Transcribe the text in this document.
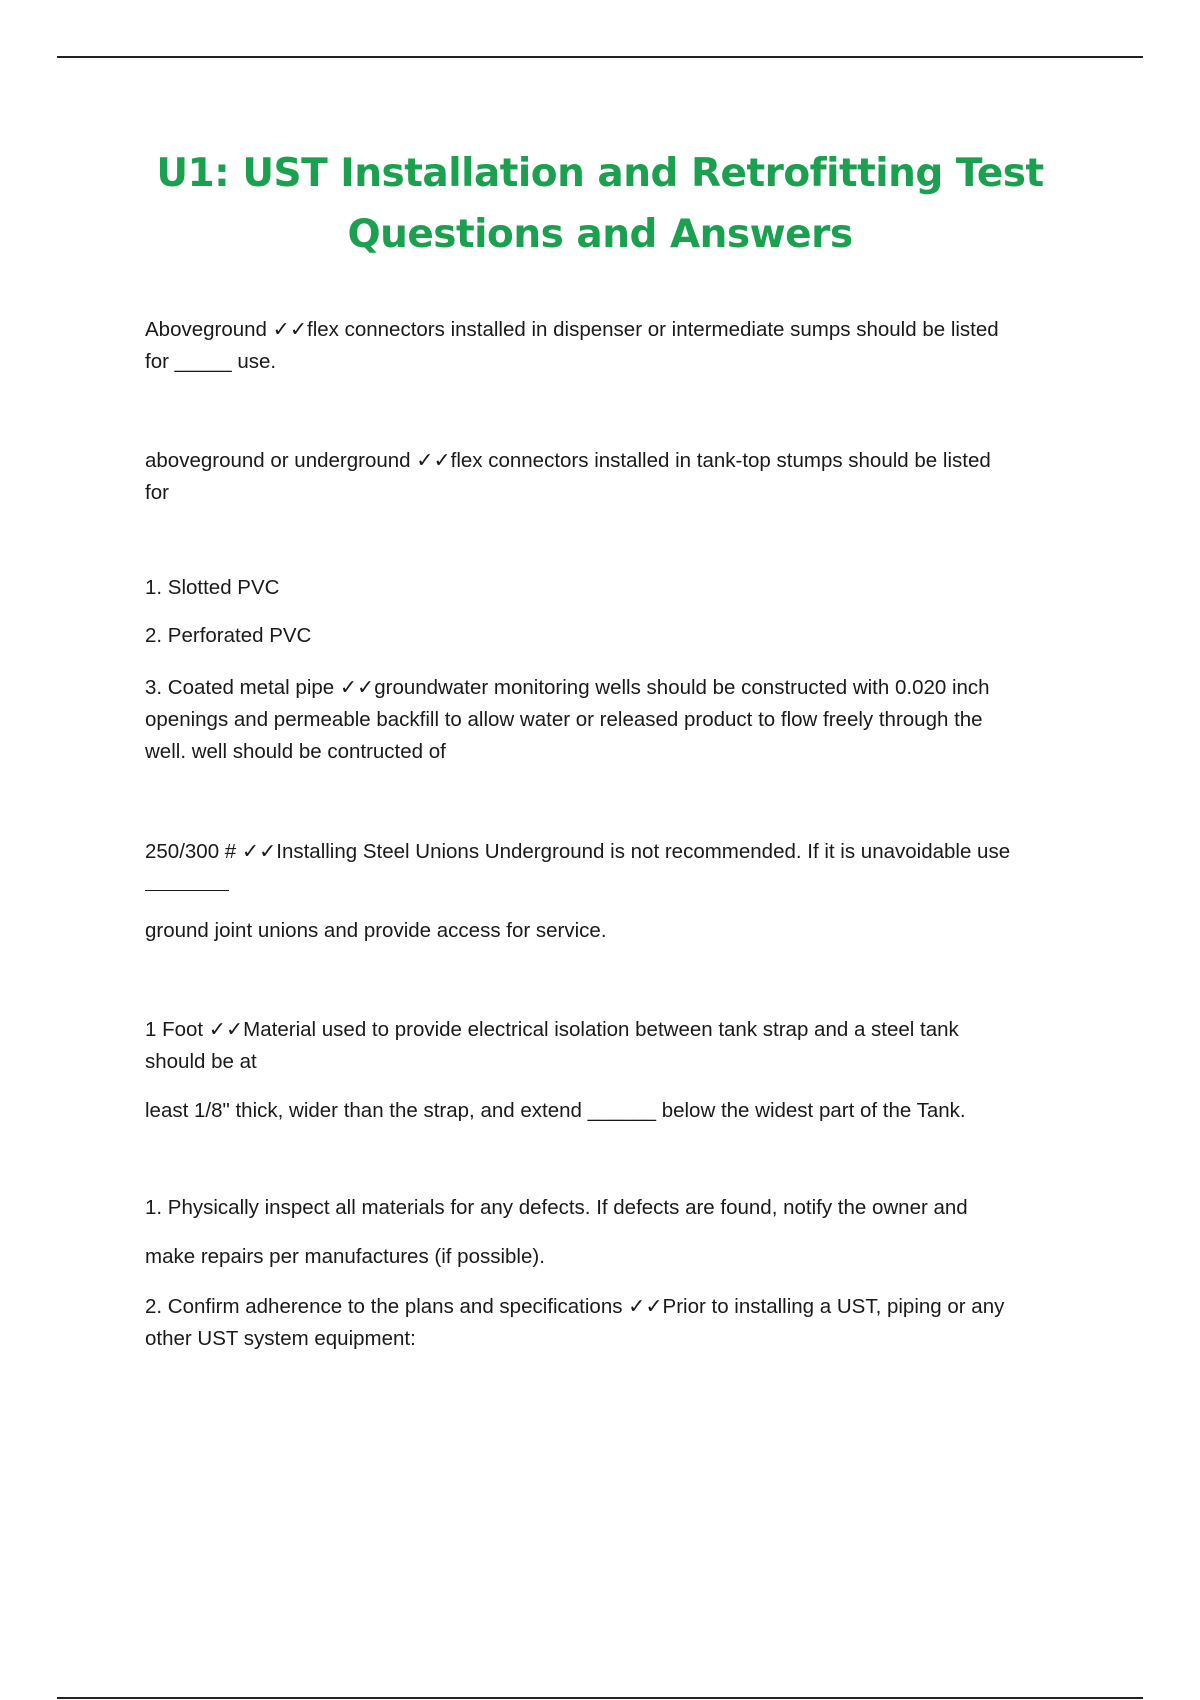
U1: UST Installation and Retrofitting Test
Questions and Answers
Aboveground ✓✓flex connectors installed in dispenser or intermediate sumps should be listed
for _____ use.
aboveground or underground ✓✓flex connectors installed in tank-top stumps should be listed
for
1. Slotted PVC
2. Perforated PVC
3. Coated metal pipe ✓✓groundwater monitoring wells should be constructed with 0.020 inch
openings and permeable backfill to allow water or released product to flow freely through the
well. well should be contructed of
250/300 # ✓✓Installing Steel Unions Underground is not recommended. If it is unavoidable use
ground joint unions and provide access for service.
1 Foot ✓✓Material used to provide electrical isolation between tank strap and a steel tank
should be at
least 1/8" thick, wider than the strap, and extend ______ below the widest part of the Tank.
1. Physically inspect all materials for any defects. If defects are found, notify the owner and
make repairs per manufactures (if possible).
2. Confirm adherence to the plans and specifications ✓✓Prior to installing a UST, piping or any
other UST system equipment:
